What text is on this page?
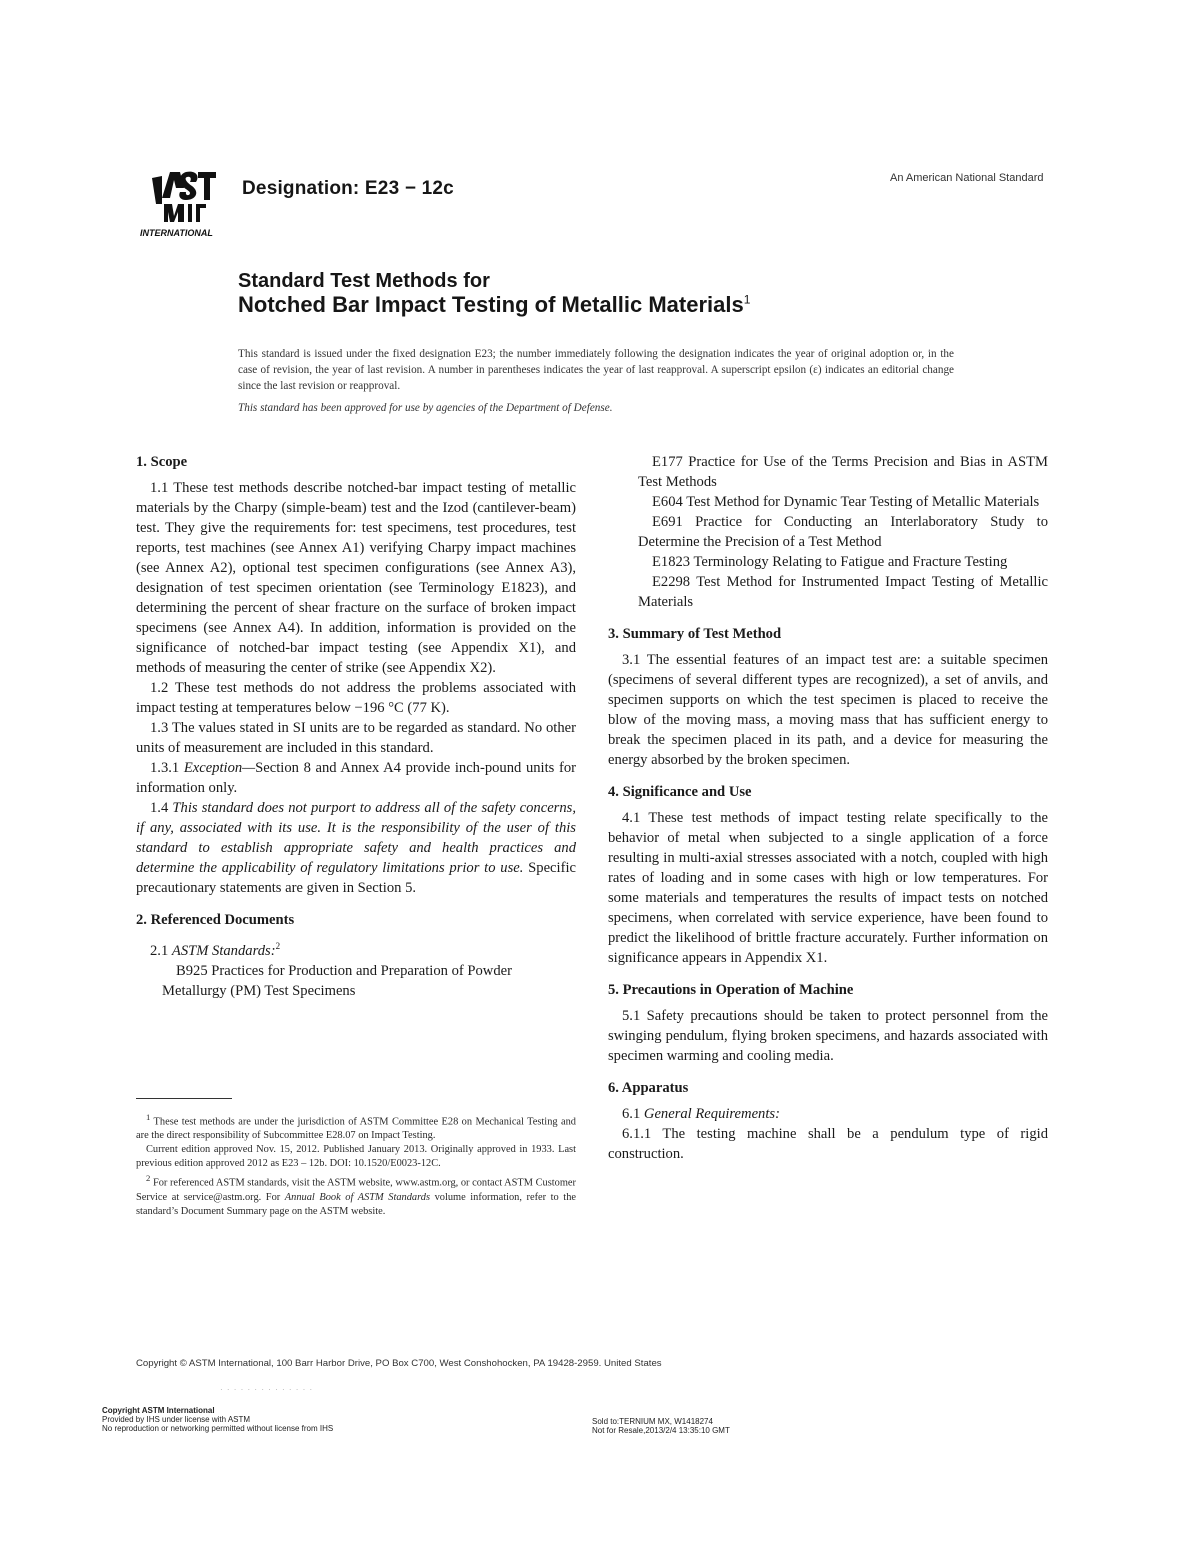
INTERNATIONAL
Designation: E23 − 12c	An American National Standard
Standard Test Methods for
Notched Bar Impact Testing of Metallic Materials$^1$
This standard is issued under the fixed designation E23; the number immediately following the designation indicates the year of original adoption or, in the case of revision, the year of last revision. A number in parentheses indicates the year of last reapproval. A superscript epsilon (ε) indicates an editorial change since the last revision or reapproval.
This standard has been approved for use by agencies of the Department of Defense.
1. Scope

1.1 These test methods describe notched-bar impact testing of metallic materials by the Charpy (simple-beam) test and the Izod (cantilever-beam) test. They give the requirements for: test specimens, test procedures, test reports, test machines (see Annex A1) verifying Charpy impact machines (see Annex A2), optional test specimen configurations (see Annex A3), designation of test specimen orientation (see Terminology E1823), and determining the percent of shear fracture on the surface of broken impact specimens (see Annex A4). In addition, information is provided on the significance of notched-bar impact testing (see Appendix X1), and methods of measuring the center of strike (see Appendix X2).

1.2 These test methods do not address the problems associated with impact testing at temperatures below −196 °C (77 K).

1.3 The values stated in SI units are to be regarded as standard. No other units of measurement are included in this standard.

1.3.1 Exception—Section 8 and Annex A4 provide inch-pound units for information only.

1.4 This standard does not purport to address all of the safety concerns, if any, associated with its use. It is the responsibility of the user of this standard to establish appropriate safety and health practices and determine the applicability of regulatory limitations prior to use. Specific precautionary statements are given in Section 5.

2. Referenced Documents

2.1 ASTM Standards:$^2$

B925 Practices for Production and Preparation of Powder Metallurgy (PM) Test Specimens

$^1$ These test methods are under the jurisdiction of ASTM Committee E28 on Mechanical Testing and are the direct responsibility of Subcommittee E28.07 on Impact Testing.

Current edition approved Nov. 15, 2012. Published January 2013. Originally approved in 1933. Last previous edition approved 2012 as E23 – 12b. DOI: 10.1520/E0023-12C.

$^2$ For referenced ASTM standards, visit the ASTM website, www.astm.org, or contact ASTM Customer Service at service@astm.org. For Annual Book of ASTM Standards volume information, refer to the standard’s Document Summary page on the ASTM website.

E177 Practice for Use of the Terms Precision and Bias in ASTM Test Methods

E604 Test Method for Dynamic Tear Testing of Metallic Materials

E691 Practice for Conducting an Interlaboratory Study to Determine the Precision of a Test Method

E1823 Terminology Relating to Fatigue and Fracture Testing

E2298 Test Method for Instrumented Impact Testing of Metallic Materials

3. Summary of Test Method

3.1 The essential features of an impact test are: a suitable specimen (specimens of several different types are recognized), a set of anvils, and specimen supports on which the test specimen is placed to receive the blow of the moving mass, a moving mass that has sufficient energy to break the specimen placed in its path, and a device for measuring the energy absorbed by the broken specimen.

4. Significance and Use

4.1 These test methods of impact testing relate specifically to the behavior of metal when subjected to a single application of a force resulting in multi-axial stresses associated with a notch, coupled with high rates of loading and in some cases with high or low temperatures. For some materials and temperatures the results of impact tests on notched specimens, when correlated with service experience, have been found to predict the likelihood of brittle fracture accurately. Further information on significance appears in Appendix X1.

5. Precautions in Operation of Machine

5.1 Safety precautions should be taken to protect personnel from the swinging pendulum, flying broken specimens, and hazards associated with specimen warming and cooling media.

6. Apparatus

6.1 General Requirements:

6.1.1 The testing machine shall be a pendulum type of rigid construction.

Copyright © ASTM International, 100 Barr Harbor Drive, PO Box C700, West Conshohocken, PA 19428-2959. United States
· · · · · · · · · · · · · ·
Copyright ASTM International
Provided by IHS under license with ASTM
No reproduction or networking permitted without license from IHS
Sold to:TERNIUM MX, W1418274
Not for Resale,2013/2/4 13:35:10 GMT
